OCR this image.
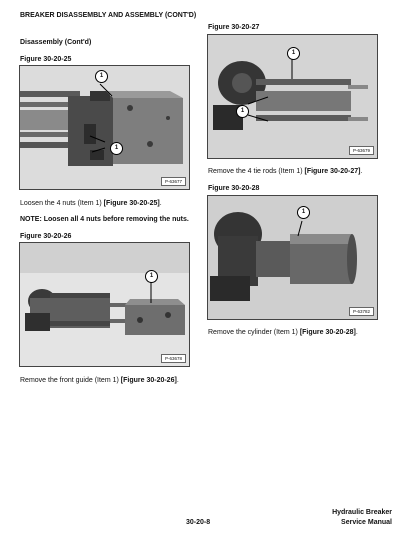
BREAKER DISASSEMBLY AND ASSEMBLY (CONT'D)
Disassembly (Cont'd)
Figure 30-20-25
1
1
P-63677
Loosen the 4 nuts (Item 1) [Figure 30-20-25].
NOTE: Loosen all 4 nuts before removing the nuts.
Figure 30-20-26
1
P-63678
Remove the front guide (Item 1) [Figure 30-20-26].
Figure 30-20-27
1
1
P-63679
Remove the 4 tie rods (Item 1) [Figure 30-20-27].
Figure 30-20-28
1
P-63782
Remove the cylinder (Item 1) [Figure 30-20-28].
30-20-8
Hydraulic Breaker
Service Manual
